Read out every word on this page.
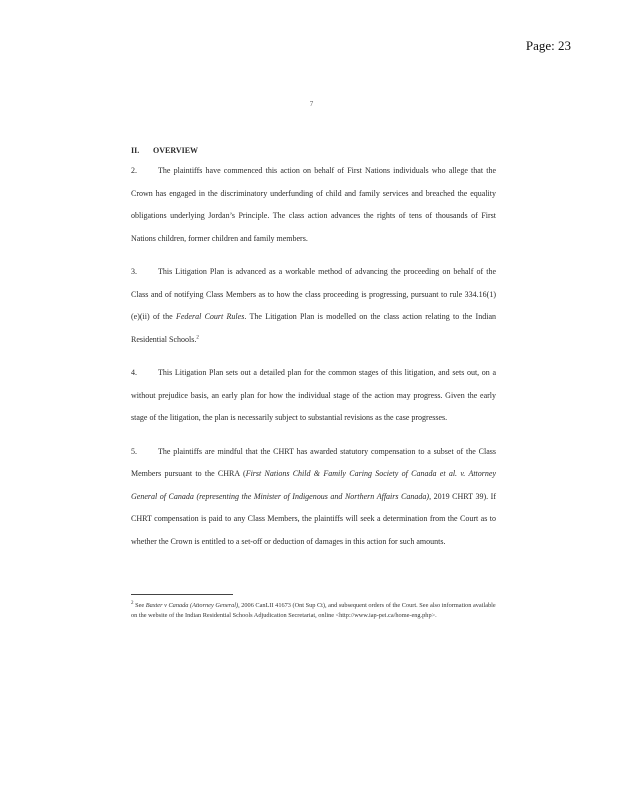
Page: 23
7
II. OVERVIEW

2.	The plaintiffs have commenced this action on behalf of First Nations individuals who allege that the Crown has engaged in the discriminatory underfunding of child and family services and breached the equality obligations underlying Jordan’s Principle. The class action advances the rights of tens of thousands of First Nations children, former children and family members.

3.	This Litigation Plan is advanced as a workable method of advancing the proceeding on behalf of the Class and of notifying Class Members as to how the class proceeding is progressing, pursuant to rule 334.16(1)(e)(ii) of the Federal Court Rules. The Litigation Plan is modelled on the class action relating to the Indian Residential Schools.$^2$

4.	This Litigation Plan sets out a detailed plan for the common stages of this litigation, and sets out, on a without prejudice basis, an early plan for how the individual stage of the action may progress. Given the early stage of the litigation, the plan is necessarily subject to substantial revisions as the case progresses.

5.	The plaintiffs are mindful that the CHRT has awarded statutory compensation to a subset of the Class Members pursuant to the CHRA (First Nations Child & Family Caring Society of Canada et al. v. Attorney General of Canada (representing the Minister of Indigenous and Northern Affairs Canada), 2019 CHRT 39). If CHRT compensation is paid to any Class Members, the plaintiffs will seek a determination from the Court as to whether the Crown is entitled to a set-off or deduction of damages in this action for such amounts.

$^2$ See Baxter v Canada (Attorney General), 2006 CanLII 41673 (Ont Sup Ct), and subsequent orders of the Court. See also information available on the website of the Indian Residential Schools Adjudication Secretariat, online <http://www.iap-pei.ca/home-eng.php>.
